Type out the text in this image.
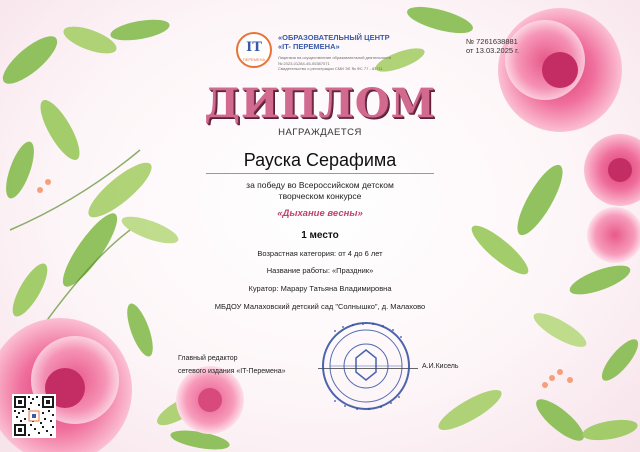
IT
ПЕРЕМЕНА
«ОБРАЗОВАТЕЛЬНЫЙ ЦЕНТР
«IT- ПЕРЕМЕНА»
Лицензия на осуществление образовательной деятельности
№ 2023-01284-45-00387071
Свидетельство о регистрации СМИ ЭЛ № ФС 77 - 83711
№ 7261638881
от 13.03.2025 г.
ДИПЛОМ
НАГРАЖДАЕТСЯ
Рауска Серафима
за победу во Всероссийском детском
творческом конкурсе
«Дыхание весны»
1 место
Возрастная категория: от 4 до 6 лет
Название работы: «Праздник»
Куратор: Марару Татьяна Владимировна
МБДОУ Малаховский детский сад "Солнышко", д. Малахово
Главный редактор
сетевого издания «IT-Перемена»
А.И.Кисель
